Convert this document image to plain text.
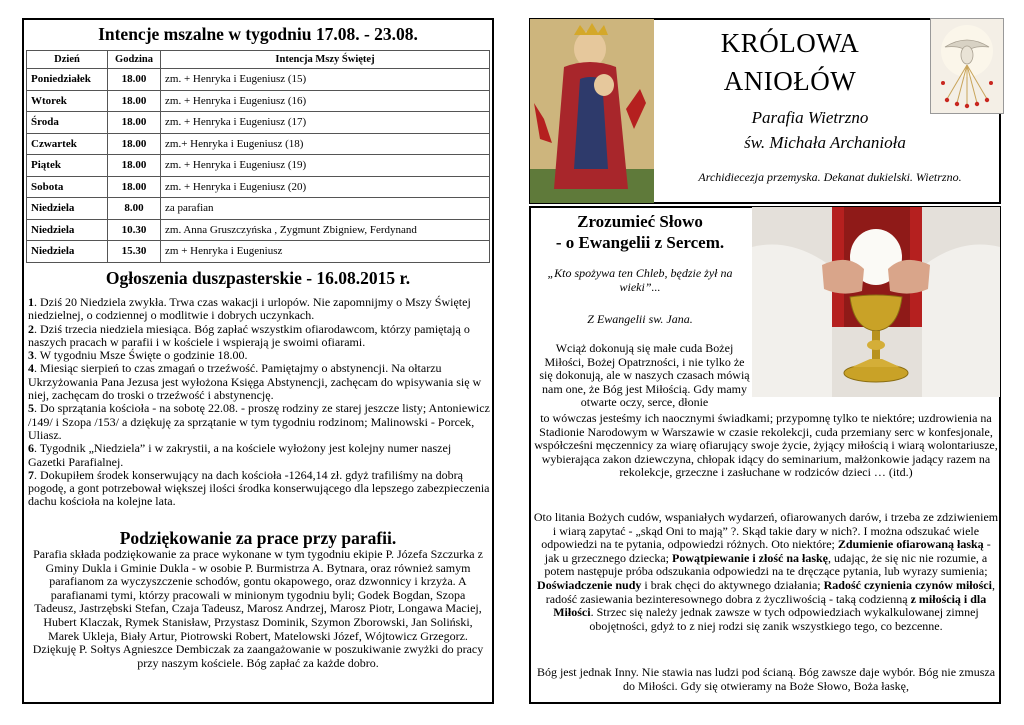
Intencje mszalne w tygodniu 17.08. - 23.08.
Dzień	Godzina	Intencja Mszy Świętej
Poniedziałek	18.00	zm. + Henryka i Eugeniusz (15)
Wtorek	18.00	zm. + Henryka i Eugeniusz (16)
Środa	18.00	zm. + Henryka i Eugeniusz (17)
Czwartek	18.00	zm.+ Henryka i Eugeniusz (18)
Piątek	18.00	zm. + Henryka i Eugeniusz (19)
Sobota	18.00	zm. + Henryka i Eugeniusz (20)
Niedziela	8.00	za parafian
Niedziela	10.30	zm. Anna Gruszczyńska , Zygmunt Zbigniew, Ferdynand
Niedziela	15.30	zm + Henryka i Eugeniusz
Ogłoszenia duszpasterskie - 16.08.2015 r.

1. Dziś 20 Niedziela zwykła. Trwa czas wakacji i urlopów. Nie zapomnijmy o Mszy Świętej niedzielnej, o codziennej o modlitwie i dobrych uczynkach.

2. Dziś trzecia niedziela miesiąca. Bóg zapłać wszystkim ofiarodawcom, którzy pamiętają o naszych pracach w parafii i w kościele i wspierają je swoimi ofiarami.

3. W tygodniu Msze Święte o godzinie 18.00.

4. Miesiąc sierpień to czas zmagań o trzeźwość. Pamiętajmy o abstynencji. Na ołtarzu Ukrzyżowania Pana Jezusa jest wyłożona Księga Abstynencji, zachęcam do wpisywania się w niej, zachęcam do troski o trzeźwość i abstynencję.

5. Do sprzątania kościoła - na sobotę 22.08. - proszę rodziny ze starej jeszcze listy; Antoniewicz /149/ i Szopa /153/ a dziękuję za sprzątanie w tym tygodniu rodzinom; Malinowski - Porcek, Uliasz.

6. Tygodnik „Niedziela” i w zakrystii, a na kościele wyłożony jest kolejny numer naszej Gazetki Parafialnej.

7. Dokupiłem środek konserwujący na dach kościoła -1264,14 zł. gdyż trafiliśmy na dobrą pogodę, a gont potrzebował większej ilości środka konserwującego dla lepszego zabezpieczenia dachu kościoła na kolejne lata.

Podziękowanie za prace przy parafii.

Parafia składa podziękowanie za prace wykonane w tym tygodniu ekipie P. Józefa Szczurka z Gminy Dukla i Gminie Dukla - w osobie P. Burmistrza A. Bytnara, oraz również samym parafianom za wyczyszczenie schodów, gontu okapowego, oraz dzwonnicy i krzyża. A parafianami tymi, którzy pracowali w minionym tygodniu byli; Godek Bogdan, Szopa Tadeusz, Jastrzębski Stefan, Czaja Tadeusz, Marosz Andrzej, Marosz Piotr, Longawa Maciej, Hubert Klaczak, Rymek Stanisław, Przystasz Dominik, Szymon Zborowski, Jan Soliński, Marek Ukleja, Biały Artur, Piotrowski Robert, Matelowski Józef, Wójtowicz Grzegorz.

Dziękuję P. Sołtys Agnieszce Dembiczak za zaangażowanie w poszukiwanie zwyżki do pracy przy naszym kościele. Bóg zapłać za każde dobro.

KRÓLOWA
ANIOŁÓW
Parafia Wietrzno
św. Michała Archanioła
Archidiecezja przemyska. Dekanat dukielski. Wietrzno.
Zrozumieć Słowo
- o Ewangelii z Sercem.
„Kto spożywa ten Chleb, będzie żył na wieki”...
Z Ewangelii sw. Jana.
Wciąż dokonują się małe cuda Bożej Miłości, Bożej Opatrzności, i nie tylko że się dokonują, ale w naszych czasach mówią nam one, że Bóg jest Miłością. Gdy mamy otwarte oczy, serce, dłonie
to wówczas jesteśmy ich naocznymi świadkami; przypomnę tylko te niektóre; uzdrowienia na Stadionie Narodowym w Warszawie w czasie rekolekcji, cuda przemiany serc w konfesjonale, współcześni męczennicy za wiarę ofiarujący swoje życie, żyjący miłością i wiarą wolontariusze, wybierająca zakon dziewczyna, chłopak idący do seminarium, małżonkowie jadący razem na rekolekcje, grzeczne i zasłuchane w rodziców dzieci … (itd.)
Oto litania Bożych cudów, wspaniałych wydarzeń, ofiarowanych darów, i trzeba ze zdziwieniem i wiarą zapytać - „skąd Oni to mają” ?. Skąd takie dary w nich?. I można odszukać wiele odpowiedzi na te pytania, odpowiedzi różnych. Oto niektóre; Zdumienie ofiarowaną łaską - jak u grzecznego dziecka; Powątpiewanie i złość na łaskę, udając, że się nic nie rozumie, a potem następuje próba odszukania odpowiedzi na te dręczące pytania, lub wyrazy sumienia; Doświadczenie nudy i brak chęci do aktywnego działania; Radość czynienia czynów miłości, radość zasiewania bezinteresownego dobra z życzliwością - taką codzienną z miłością i dla Miłości. Strzec się należy jednak zawsze w tych odpowiedziach wykalkulowanej zimnej obojętności, gdyż to z niej rodzi się zanik wszystkiego tego, co bezcenne.
Bóg jest jednak Inny. Nie stawia nas ludzi pod ścianą. Bóg zawsze daje wybór. Bóg nie zmusza do Miłości. Gdy się otwieramy na Boże Słowo, Boża łaskę,
